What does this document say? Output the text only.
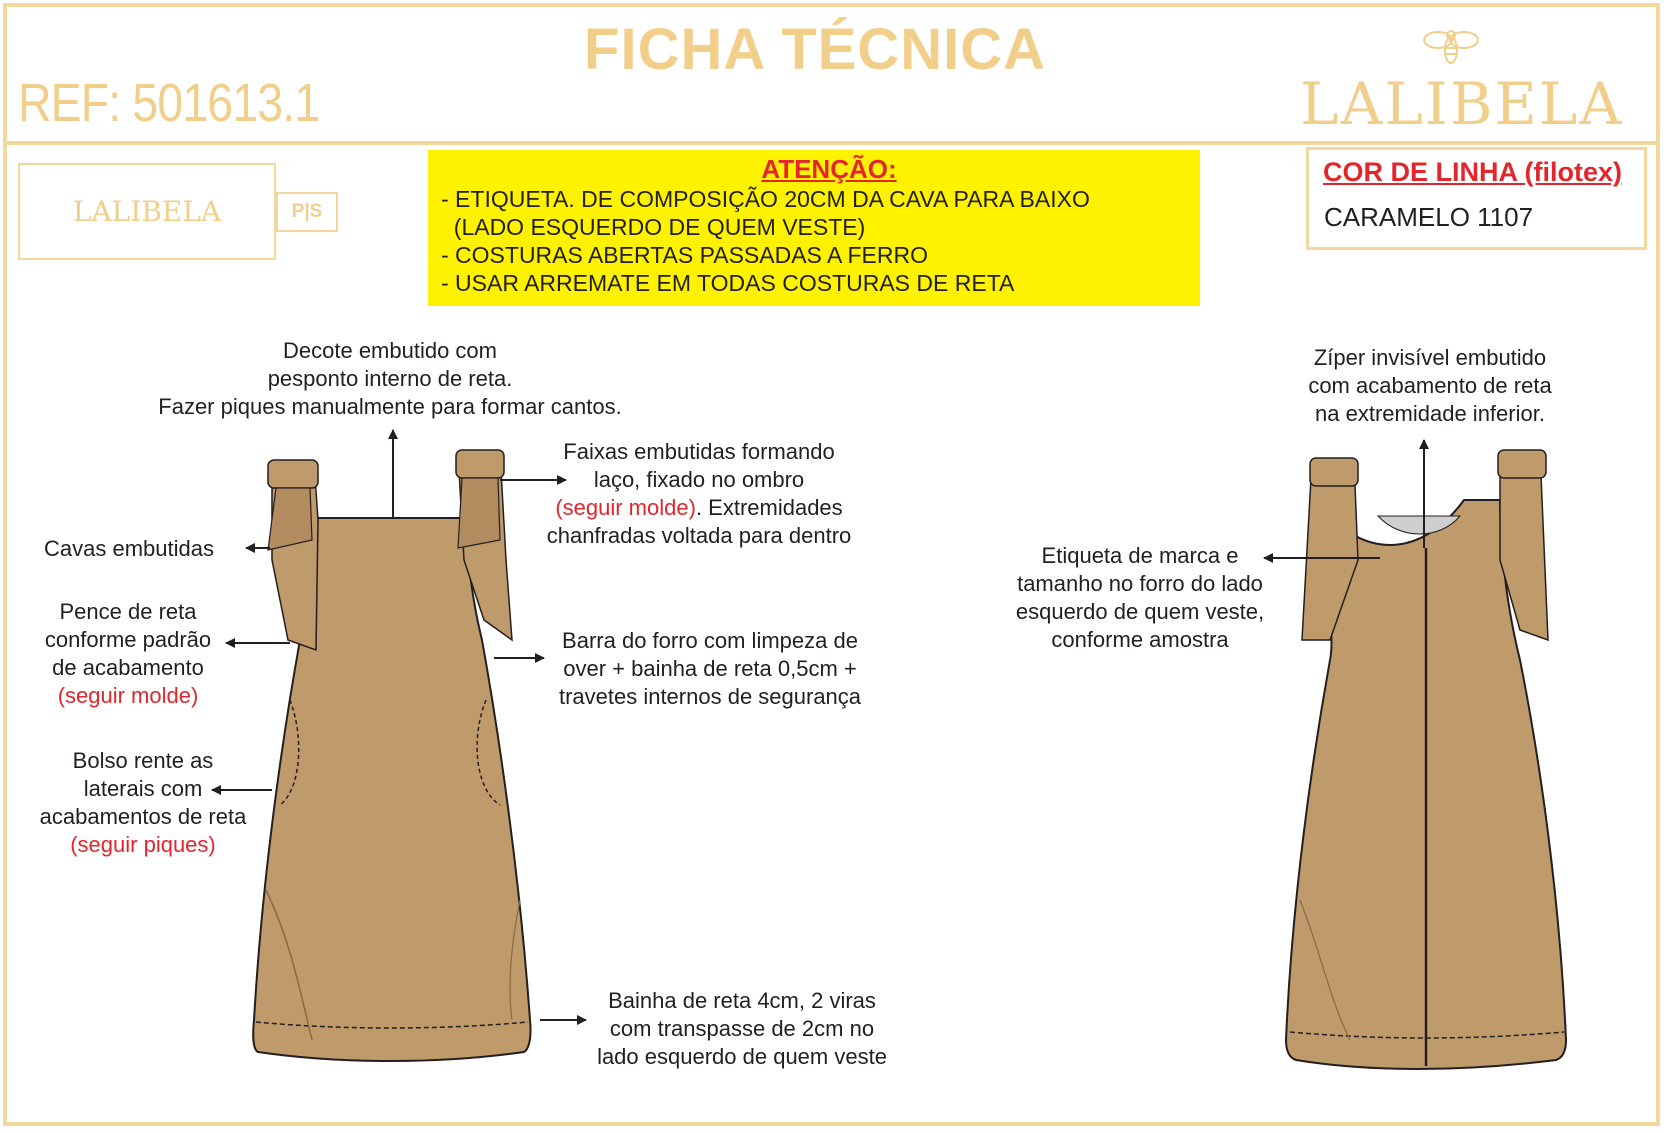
FICHA TÉCNICA
REF: 501613.1	LALIBELA
LALIBELA	P|S
ATENÇÃO:
- ETIQUETA. DE COMPOSIÇÃO 20CM DA CAVA PARA BAIXO
(LADO ESQUERDO DE QUEM VESTE)
- COSTURAS ABERTAS PASSADAS A FERRO
- USAR ARREMATE EM TODAS COSTURAS DE RETA
COR DE LINHA (filotex)
CARAMELO 1107
Decote embutido com
pesponto interno de reta.
Fazer piques manualmente para formar cantos.
Faixas embutidas formando
laço, fixado no ombro
(seguir molde). Extremidades
chanfradas voltada para dentro
Cavas embutidas
Pence de reta
conforme padrão
de acabamento
(seguir molde)
Barra do forro com limpeza de
over + bainha de reta 0,5cm +
travetes internos de segurança
Bolso rente as
laterais com
acabamentos de reta
(seguir piques)
Bainha de reta 4cm, 2 viras
com transpasse de 2cm no
lado esquerdo de quem veste
Zíper invisível embutido
com acabamento de reta
na extremidade inferior.
Etiqueta de marca e
tamanho no forro do lado
esquerdo de quem veste,
conforme amostra
